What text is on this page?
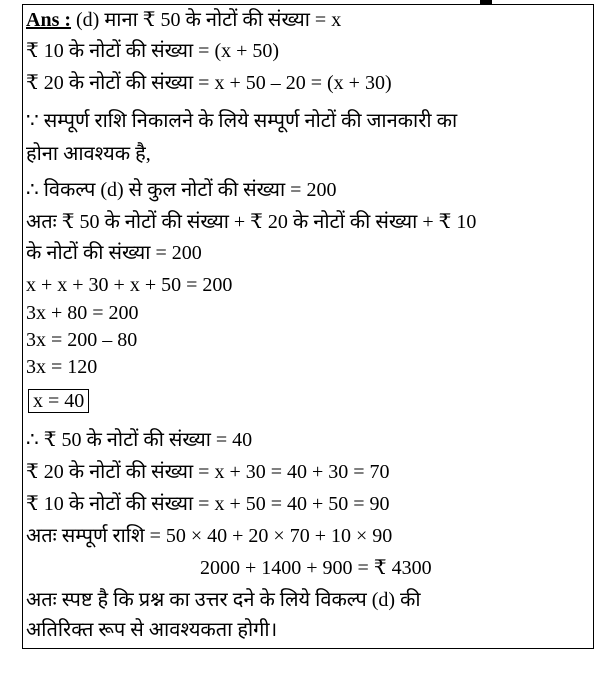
Ans : (d) माना ₹ 50 के नोटों की संख्या = x
₹ 10 के नोटों की संख्या = (x + 50)
₹ 20 के नोटों की संख्या = x + 50 – 20 = (x + 30)
∵ सम्पूर्ण राशि निकालने के लिये सम्पूर्ण नोटों की जानकारी का
होना आवश्यक है,
∴ विकल्प (d) से कुल नोटों की संख्या = 200
अतः ₹ 50 के नोटों की संख्या + ₹ 20 के नोटों की संख्या + ₹ 10
के नोटों की संख्या = 200
x + x + 30 + x + 50 = 200
3x + 80 = 200
3x = 200 – 80
3x = 120
x = 40
∴ ₹ 50 के नोटों की संख्या = 40
₹ 20 के नोटों की संख्या = x + 30 = 40 + 30 = 70
₹ 10 के नोटों की संख्या = x + 50 = 40 + 50 = 90
अतः सम्पूर्ण राशि = 50 × 40 + 20 × 70 + 10 × 90
2000 + 1400 + 900 = ₹ 4300
अतः स्पष्ट है कि प्रश्न का उत्तर दने के लिये विकल्प (d) की
अतिरिक्त रूप से आवश्यकता होगी।
